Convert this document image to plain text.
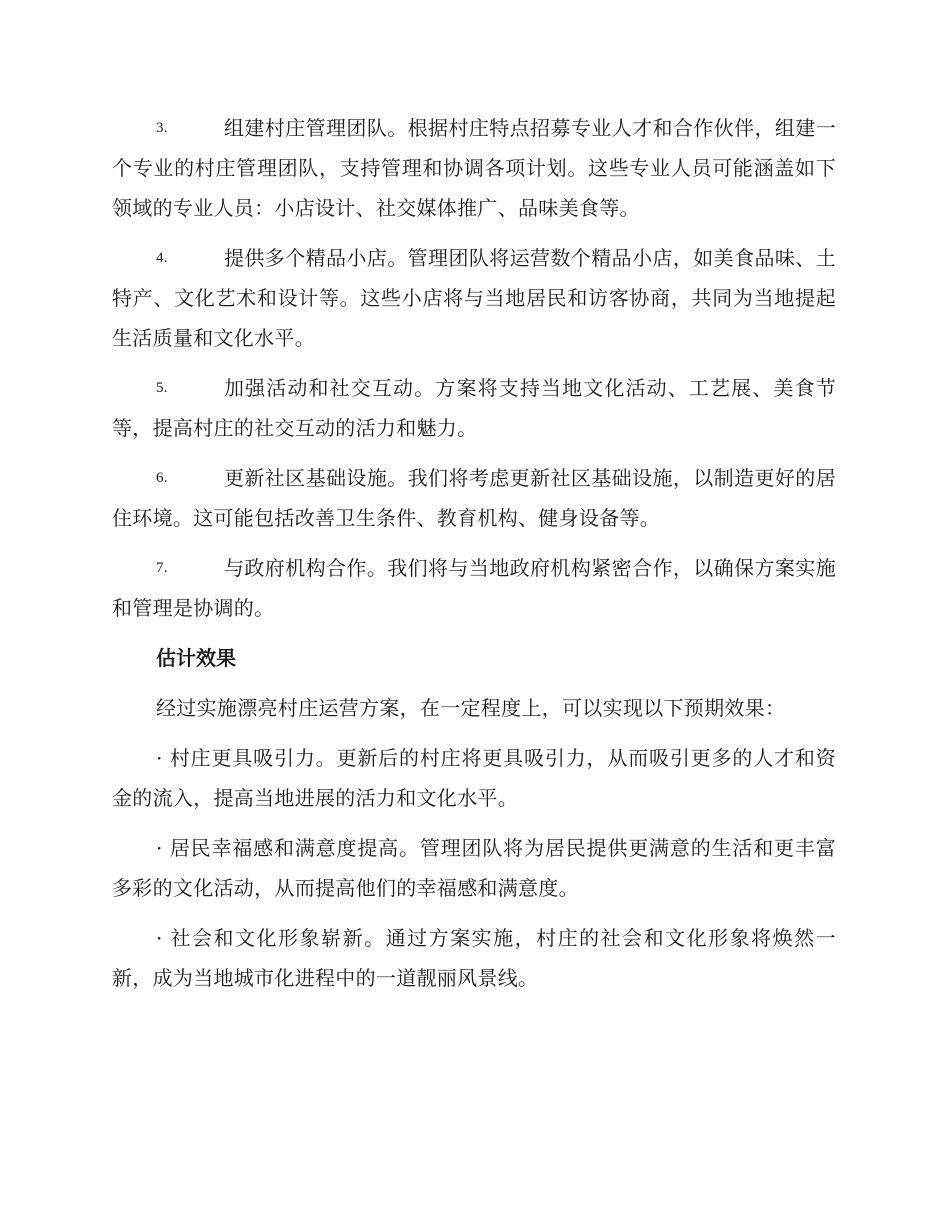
3.	组建村庄管理团队。根据村庄特点招募专业人才和合作伙伴，组建一个专业的村庄管理团队，支持管理和协调各项计划。这些专业人员可能涵盖如下领域的专业人员：小店设计、社交媒体推广、品味美食等。

4.	提供多个精品小店。管理团队将运营数个精品小店，如美食品味、土特产、文化艺术和设计等。这些小店将与当地居民和访客协商，共同为当地提起生活质量和文化水平。

5.	加强活动和社交互动。方案将支持当地文化活动、工艺展、美食节等，提高村庄的社交互动的活力和魅力。

6.	更新社区基础设施。我们将考虑更新社区基础设施，以制造更好的居住环境。这可能包括改善卫生条件、教育机构、健身设备等。

7.	与政府机构合作。我们将与当地政府机构紧密合作，以确保方案实施和管理是协调的。

估计效果

经过实施漂亮村庄运营方案，在一定程度上，可以实现以下预期效果：

· 村庄更具吸引力。更新后的村庄将更具吸引力，从而吸引更多的人才和资金的流入，提高当地进展的活力和文化水平。

· 居民幸福感和满意度提高。管理团队将为居民提供更满意的生活和更丰富多彩的文化活动，从而提高他们的幸福感和满意度。

· 社会和文化形象崭新。通过方案实施，村庄的社会和文化形象将焕然一新，成为当地城市化进程中的一道靓丽风景线。
